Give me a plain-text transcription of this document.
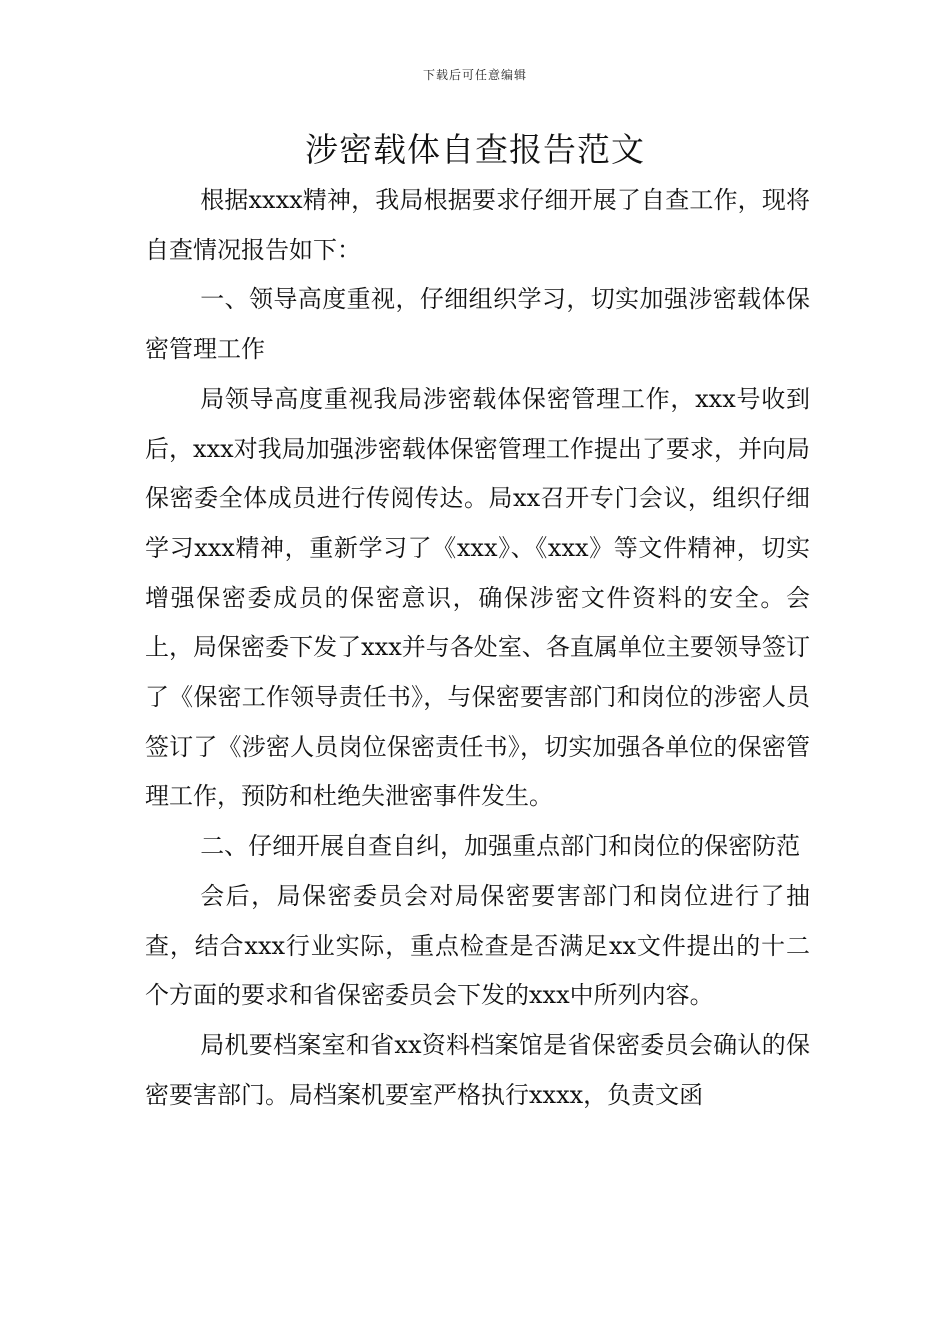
下载后可任意编辑
涉密载体自查报告范文

根据xxxx精神，我局根据要求仔细开展了自查工作，现将自查情况报告如下：

一、领导高度重视，仔细组织学习，切实加强涉密载体保密管理工作

局领导高度重视我局涉密载体保密管理工作，xxx号收到后，xxx对我局加强涉密载体保密管理工作提出了要求，并向局保密委全体成员进行传阅传达。局xx召开专门会议，组织仔细学习xxx精神，重新学习了《xxx》、《xxx》等文件精神，切实增强保密委成员的保密意识，确保涉密文件资料的安全。会上，局保密委下发了xxx并与各处室、各直属单位主要领导签订了《保密工作领导责任书》，与保密要害部门和岗位的涉密人员签订了《涉密人员岗位保密责任书》，切实加强各单位的保密管理工作，预防和杜绝失泄密事件发生。

二、仔细开展自查自纠，加强重点部门和岗位的保密防范

会后，局保密委员会对局保密要害部门和岗位进行了抽查，结合xxx行业实际，重点检查是否满足xx文件提出的十二个方面的要求和省保密委员会下发的xxx中所列内容。

局机要档案室和省xx资料档案馆是省保密委员会确认的保密要害部门。局档案机要室严格执行xxxx，负责文函
